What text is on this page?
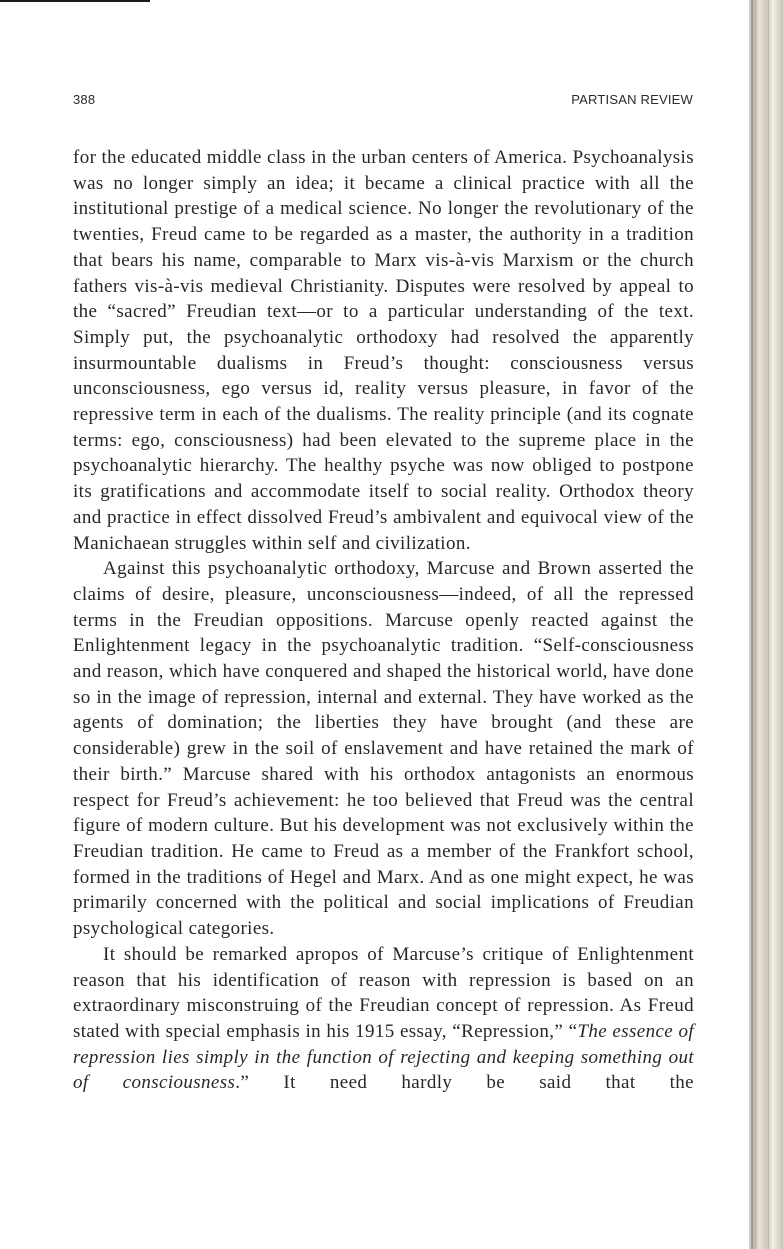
388	PARTISAN REVIEW

for the educated middle class in the urban centers of America. Psychoanalysis was no longer simply an idea; it became a clinical practice with all the institutional prestige of a medical science. No longer the revolutionary of the twenties, Freud came to be regarded as a master, the authority in a tradition that bears his name, comparable to Marx vis-à-vis Marxism or the church fathers vis-à-vis medieval Christianity. Disputes were resolved by appeal to the “sacred” Freudian text—or to a particular understanding of the text. Simply put, the psychoanalytic orthodoxy had resolved the apparently insurmountable dualisms in Freud’s thought: consciousness versus unconsciousness, ego versus id, reality versus pleasure, in favor of the repressive term in each of the dualisms. The reality principle (and its cognate terms: ego, consciousness) had been elevated to the supreme place in the psychoanalytic hierarchy. The healthy psyche was now obliged to postpone its gratifications and accommodate itself to social reality. Orthodox theory and practice in effect dissolved Freud’s ambivalent and equivocal view of the Manichaean struggles within self and civilization.

Against this psychoanalytic orthodoxy, Marcuse and Brown asserted the claims of desire, pleasure, unconsciousness—indeed, of all the repressed terms in the Freudian oppositions. Marcuse openly reacted against the Enlightenment legacy in the psychoanalytic tradition. “Self-consciousness and reason, which have conquered and shaped the historical world, have done so in the image of repression, internal and external. They have worked as the agents of domination; the liberties they have brought (and these are considerable) grew in the soil of enslavement and have retained the mark of their birth.” Marcuse shared with his orthodox antagonists an enormous respect for Freud’s achievement: he too believed that Freud was the central figure of modern culture. But his development was not exclusively within the Freudian tradition. He came to Freud as a member of the Frankfort school, formed in the traditions of Hegel and Marx. And as one might expect, he was primarily concerned with the political and social implications of Freudian psychological categories.

It should be remarked apropos of Marcuse’s critique of Enlightenment reason that his identification of reason with repression is based on an extraordinary misconstruing of the Freudian concept of repression. As Freud stated with special emphasis in his 1915 essay, “Repression,” “The essence of repression lies simply in the function of rejecting and keeping something out of consciousness.” It need hardly be said that the
